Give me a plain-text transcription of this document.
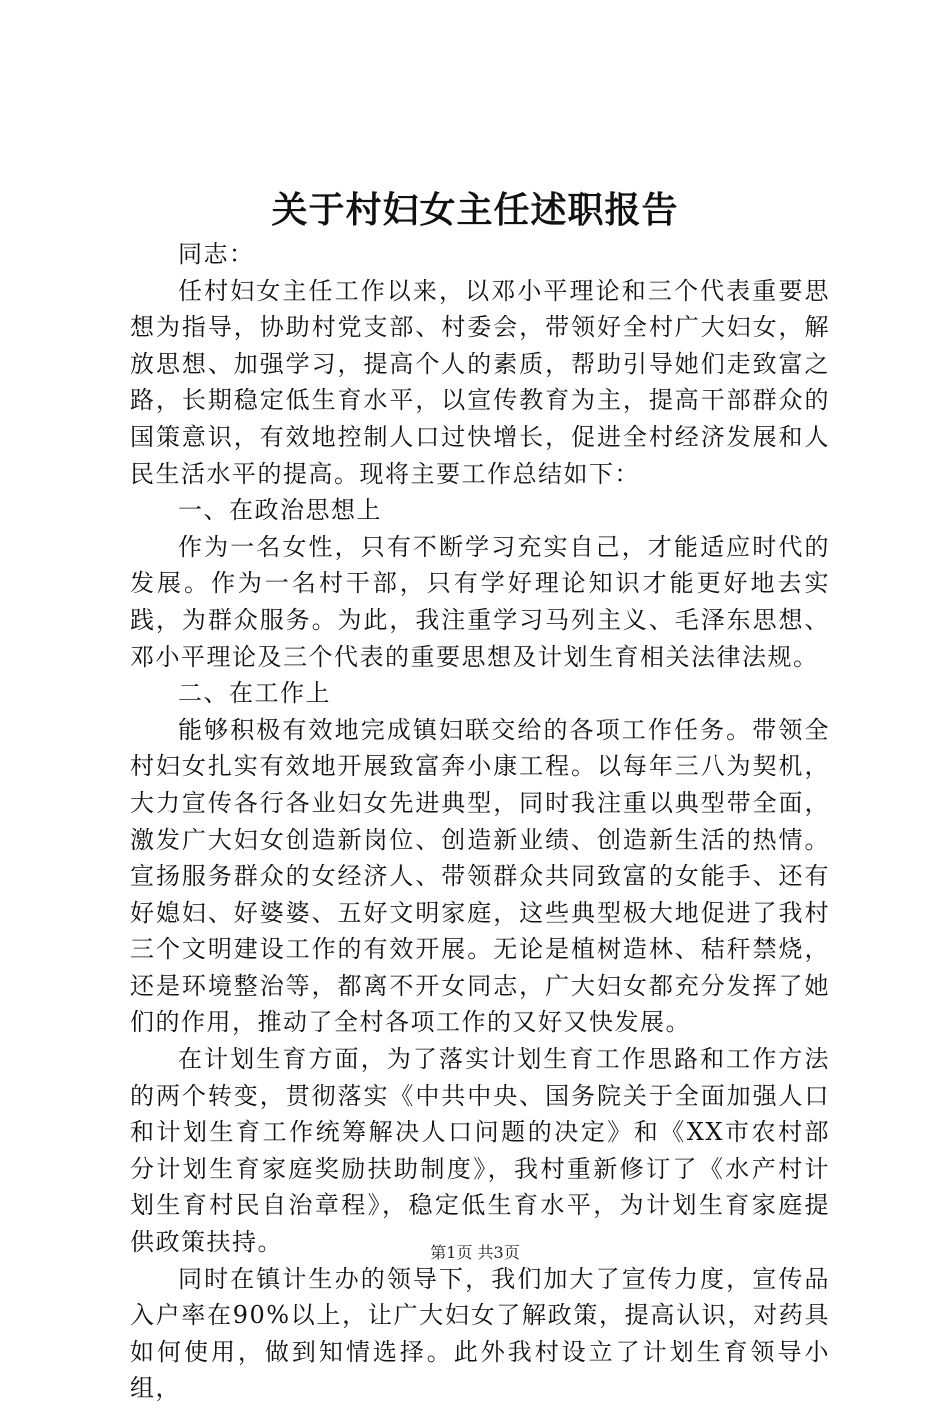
关于村妇女主任述职报告

同志：

任村妇女主任工作以来，以邓小平理论和三个代表重要思想为指导，协助村党支部、村委会，带领好全村广大妇女，解放思想、加强学习，提高个人的素质，帮助引导她们走致富之路，长期稳定低生育水平，以宣传教育为主，提高干部群众的国策意识，有效地控制人口过快增长，促进全村经济发展和人民生活水平的提高。现将主要工作总结如下：

一、在政治思想上

作为一名女性，只有不断学习充实自己，才能适应时代的发展。作为一名村干部，只有学好理论知识才能更好地去实践，为群众服务。为此，我注重学习马列主义、毛泽东思想、邓小平理论及三个代表的重要思想及计划生育相关法律法规。

二、在工作上

能够积极有效地完成镇妇联交给的各项工作任务。带领全村妇女扎实有效地开展致富奔小康工程。以每年三八为契机，大力宣传各行各业妇女先进典型，同时我注重以典型带全面，激发广大妇女创造新岗位、创造新业绩、创造新生活的热情。宣扬服务群众的女经济人、带领群众共同致富的女能手、还有好媳妇、好婆婆、五好文明家庭，这些典型极大地促进了我村三个文明建设工作的有效开展。无论是植树造林、秸秆禁烧，还是环境整治等，都离不开女同志，广大妇女都充分发挥了她们的作用，推动了全村各项工作的又好又快发展。

在计划生育方面，为了落实计划生育工作思路和工作方法的两个转变，贯彻落实《中共中央、国务院关于全面加强人口和计划生育工作统筹解决人口问题的决定》和《XX市农村部分计划生育家庭奖励扶助制度》，我村重新修订了《水产村计划生育村民自治章程》，稳定低生育水平，为计划生育家庭提供政策扶持。

同时在镇计生办的领导下，我们加大了宣传力度，宣传品入户率在90%以上，让广大妇女了解政策，提高认识，对药具如何使用，做到知情选择。此外我村设立了计划生育领导小组，

第1页 共3页
